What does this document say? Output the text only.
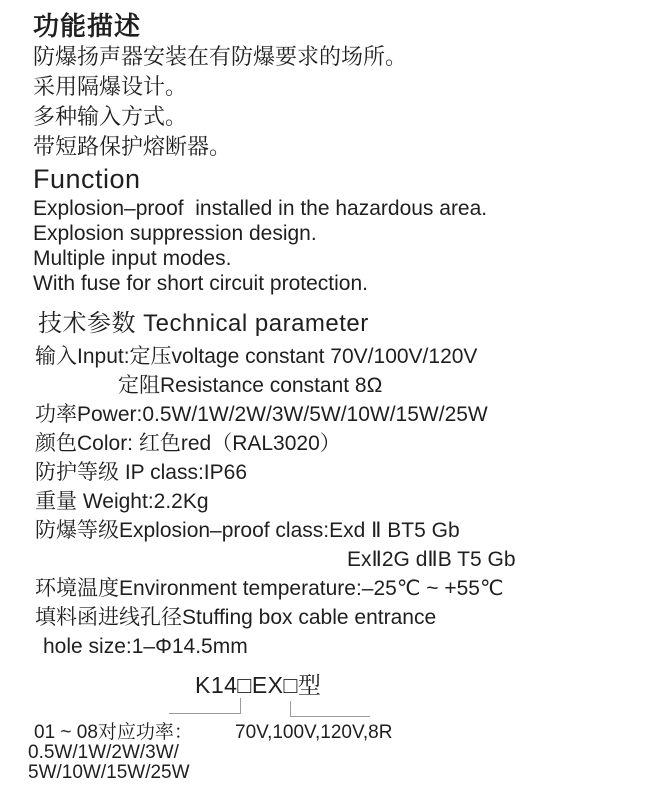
功能描述
防爆扬声器安装在有防爆要求的场所。
采用隔爆设计。
多种输入方式。
带短路保护熔断器。
Function
Explosion–proof  installed in the hazardous area.
Explosion suppression design.
Multiple input modes.
With fuse for short circuit protection.
技术参数 Technical parameter
输入Input:定压voltage constant 70V/100V/120V
定阻Resistance constant 8Ω
功率Power:0.5W/1W/2W/3W/5W/10W/15W/25W
颜色Color: 红色red（RAL3020）
防护等级 IP class:IP66
重量 Weight:2.2Kg
防爆等级Explosion–proof class:Exd Ⅱ BT5 Gb
ExⅡ2G dⅡB T5 Gb
环境温度Environment temperature:–25℃ ~ +55℃
填料函进线孔径Stuffing box cable entrance
hole size:1–Φ14.5mm
K14□EX□型
01 ~ 08对应功率：
0.5W/1W/2W/3W/
5W/10W/15W/25W
70V,100V,120V,8R
